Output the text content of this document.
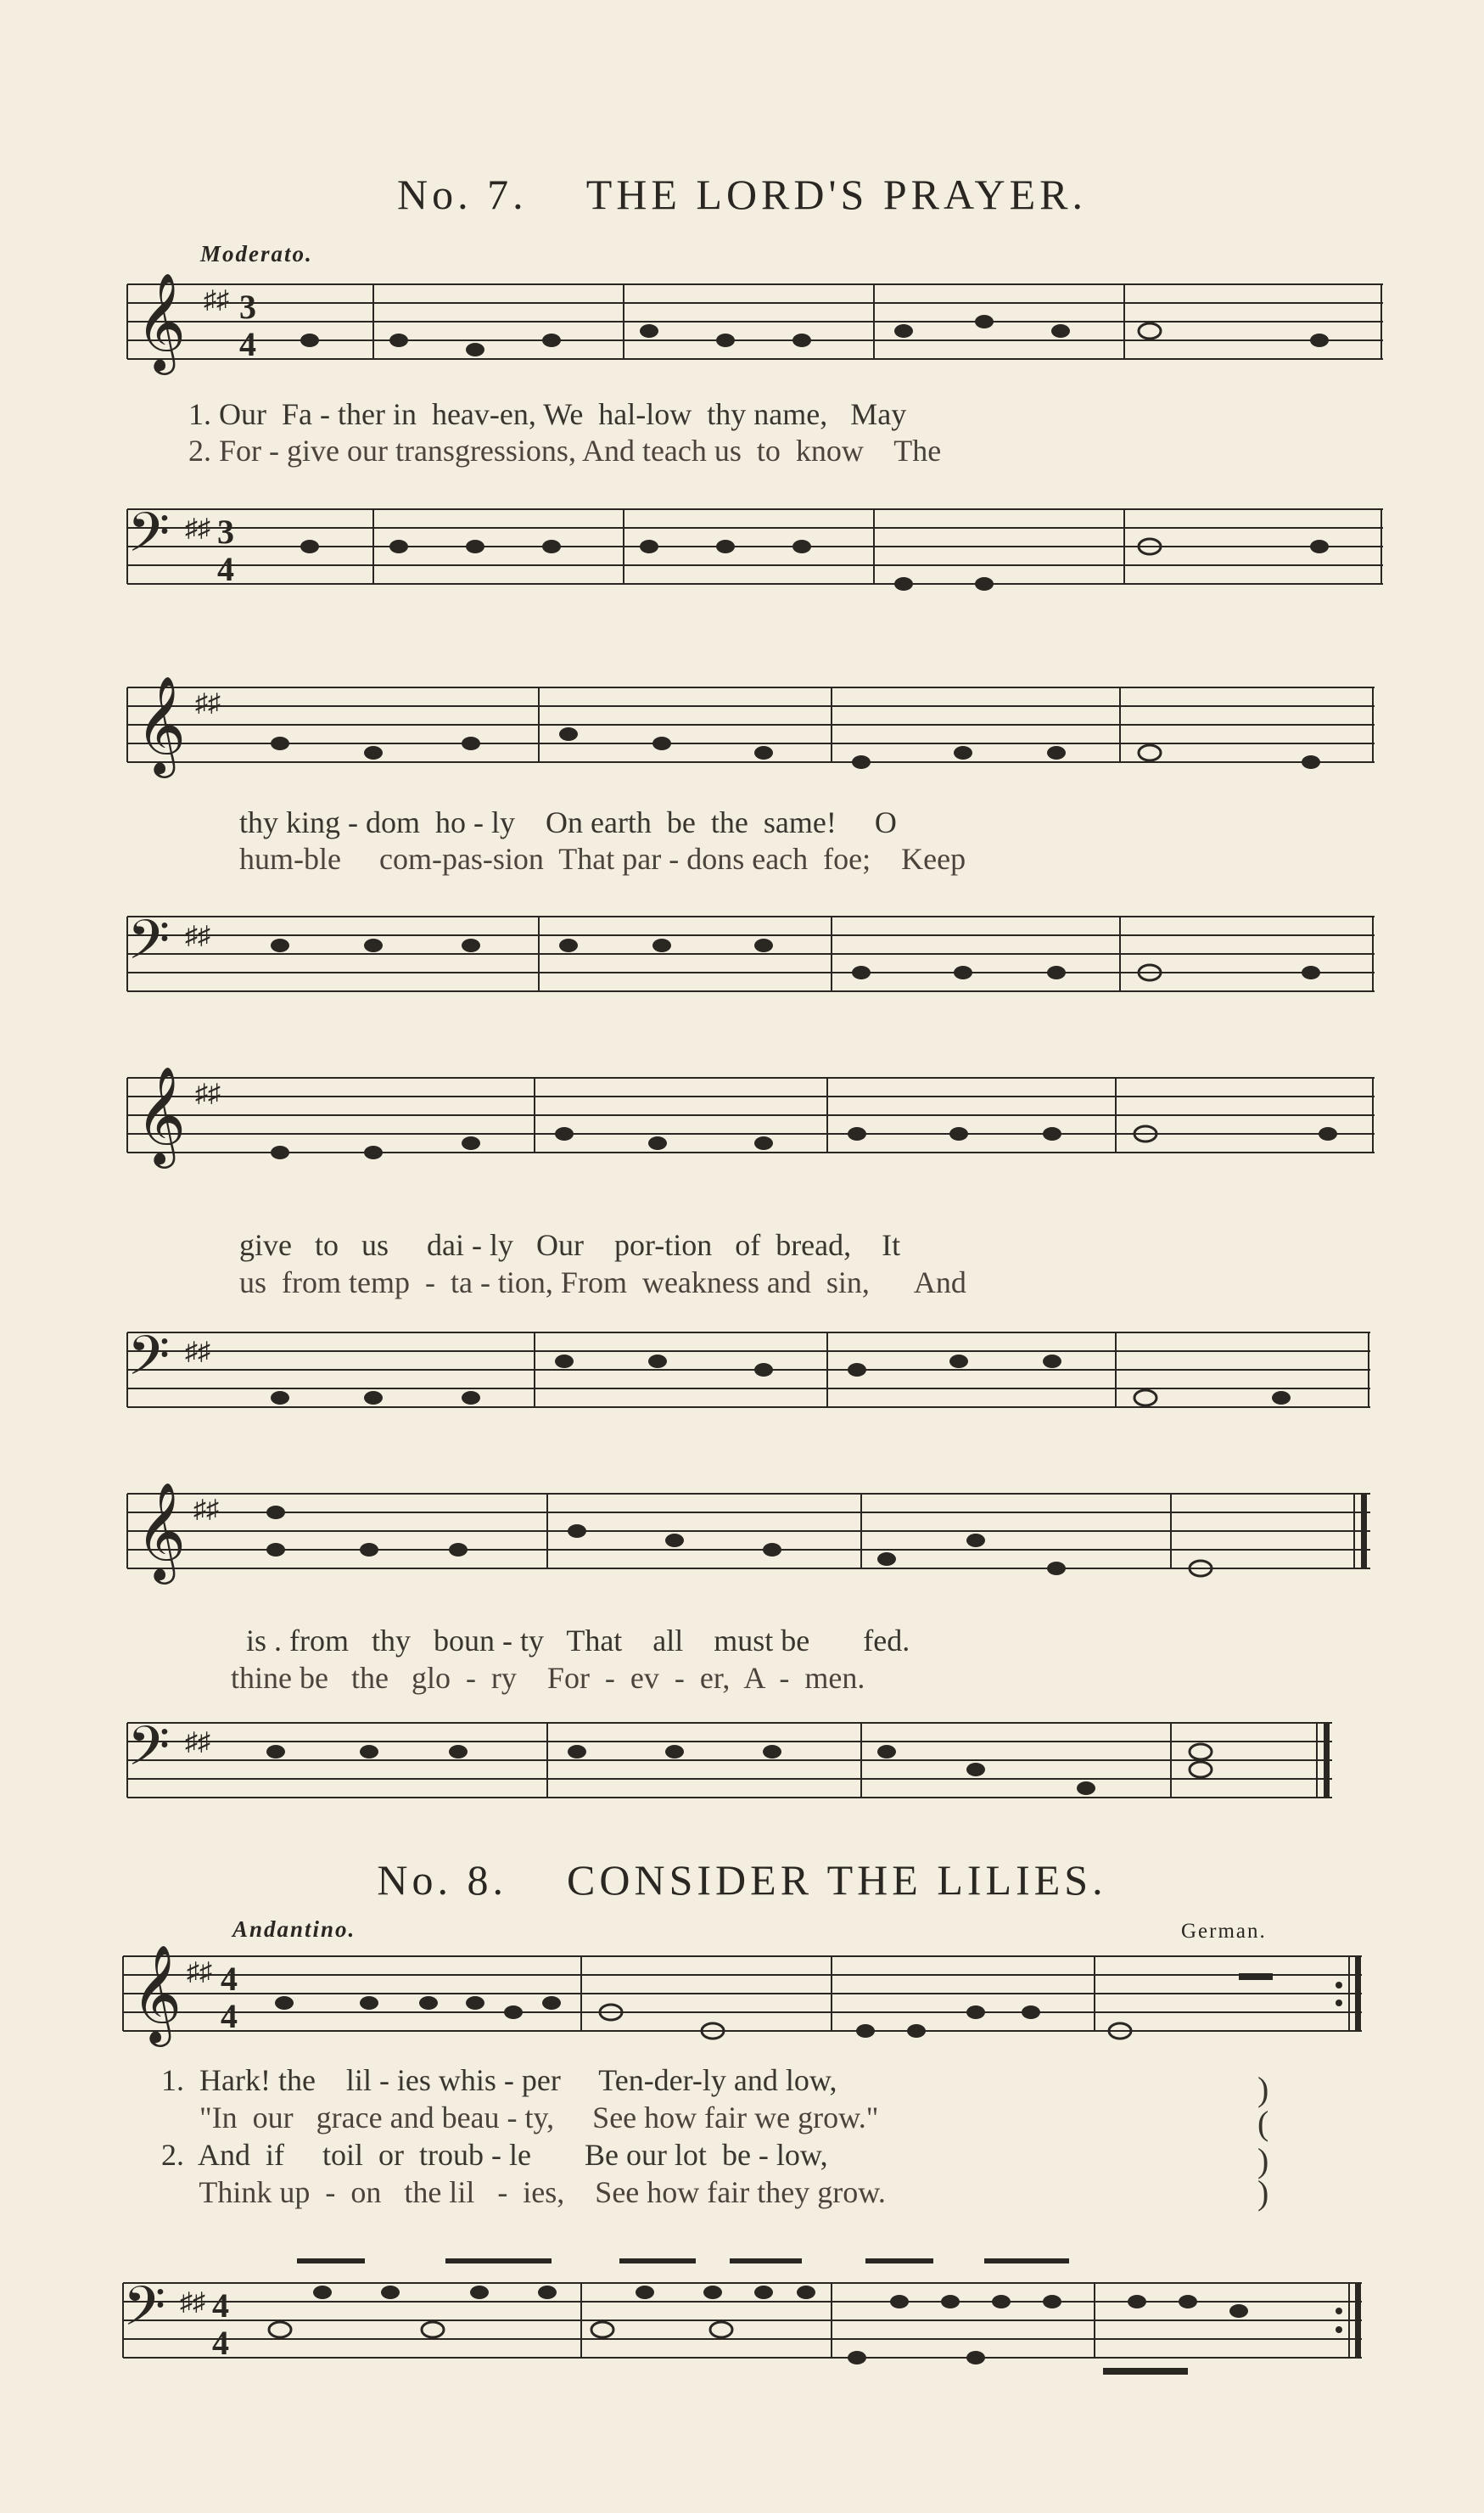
No. 7. THE LORD'S PRAYER.
Moderato.
𝄞 ♯♯ 3
4
1. Our  Fa - ther in  heav-en, We  hal-low  thy name,   May
2. For - give our transgressions, And teach us  to  know    The
𝄢 ♯♯ 3
4
𝄞 ♯♯
thy king - dom  ho - ly    On earth  be  the  same!     O
hum-ble     com-pas-sion  That par - dons each  foe;    Keep
𝄢 ♯♯
𝄞 ♯♯
give   to   us     dai - ly   Our    por-tion   of  bread,    It
us  from temp  -  ta - tion, From  weakness and  sin,      And
𝄢 ♯♯
𝄞 ♯♯
is . from   thy   boun - ty   That    all    must be       fed.
thine be   the   glo  -  ry    For  -  ev  -  er,  A  -  men.
𝄢 ♯♯
No. 8. CONSIDER THE LILIES.
Andantino.	German.
𝄞 ♯♯ 4
4
1.  Hark! the    lil - ies whis - per     Ten-der-ly and low,
"In  our   grace and beau - ty,     See how fair we grow."
2.  And  if     toil  or  troub - le       Be our lot  be - low,
Think up  -  on   the lil   -  ies,    See how fair they grow.
)
(
)
)
𝄢 ♯♯ 4
4
